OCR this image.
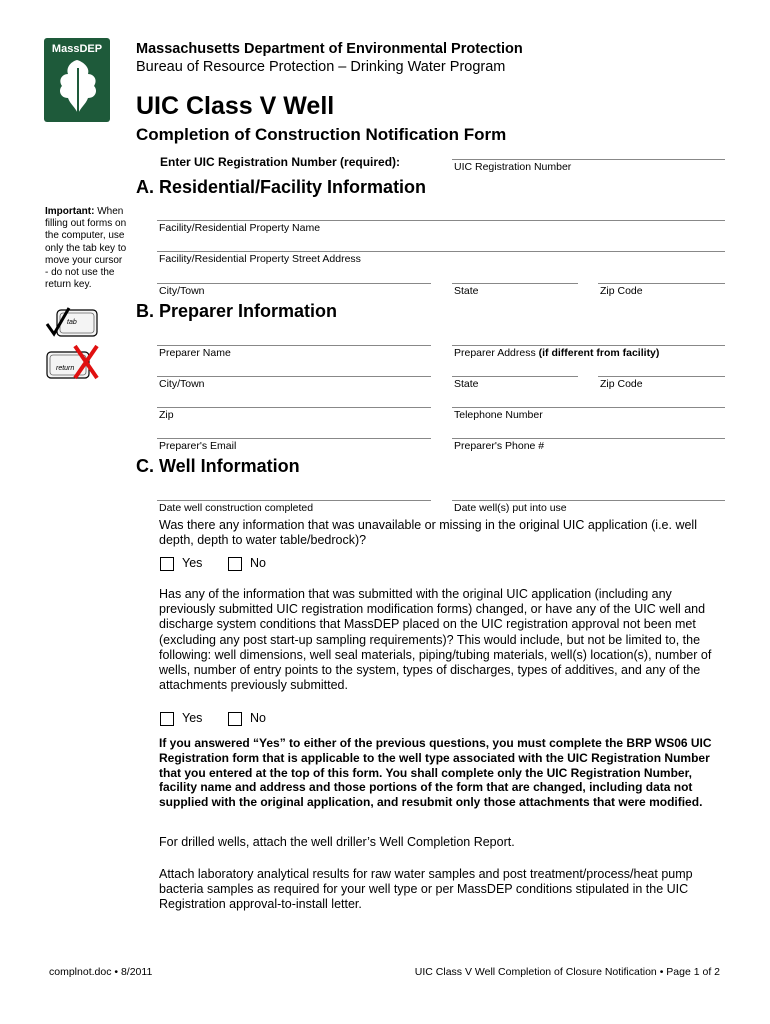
MassDEP	Massachusetts Department of Environmental Protection
Bureau of Resource Protection – Drinking Water Program
UIC Class V Well
Completion of Construction Notification Form
Enter UIC Registration Number (required):	UIC Registration Number
A. Residential/Facility Information
Important: When filling out forms on the computer, use only the tab key to move your cursor - do not use the return key.
tab
return
Facility/Residential Property Name
Facility/Residential Property Street Address
City/Town	State	Zip Code
B. Preparer Information
Preparer Name	Preparer Address (if different from facility)
City/Town	State	Zip Code
Zip	Telephone Number
Preparer's Email	Preparer's Phone #
C. Well Information
Date well construction completed	Date well(s) put into use
Was there any information that was unavailable or missing in the original UIC application (i.e. well depth, depth to water table/bedrock)?
Yes	No
Has any of the information that was submitted with the original UIC application (including any previously submitted UIC registration modification forms) changed, or have any of the UIC well and discharge system conditions that MassDEP placed on the UIC registration approval not been met (excluding any post start-up sampling requirements)? This would include, but not be limited to, the following: well dimensions, well seal materials, piping/tubing materials, well(s) location(s), number of wells, number of entry points to the system, types of discharges, types of additives, and any of the attachments previously submitted.
Yes	No
If you answered “Yes” to either of the previous questions, you must complete the BRP WS06 UIC Registration form that is applicable to the well type associated with the UIC Registration Number that you entered at the top of this form. You shall complete only the UIC Registration Number, facility name and address and those portions of the form that are changed, including data not supplied with the original application, and resubmit only those attachments that were modified.
For drilled wells, attach the well driller’s Well Completion Report.
Attach laboratory analytical results for raw water samples and post treatment/process/heat pump bacteria samples as required for your well type or per MassDEP conditions stipulated in the UIC Registration approval-to-install letter.
complnot.doc • 8/2011	UIC Class V Well Completion of Closure Notification • Page 1 of 2
